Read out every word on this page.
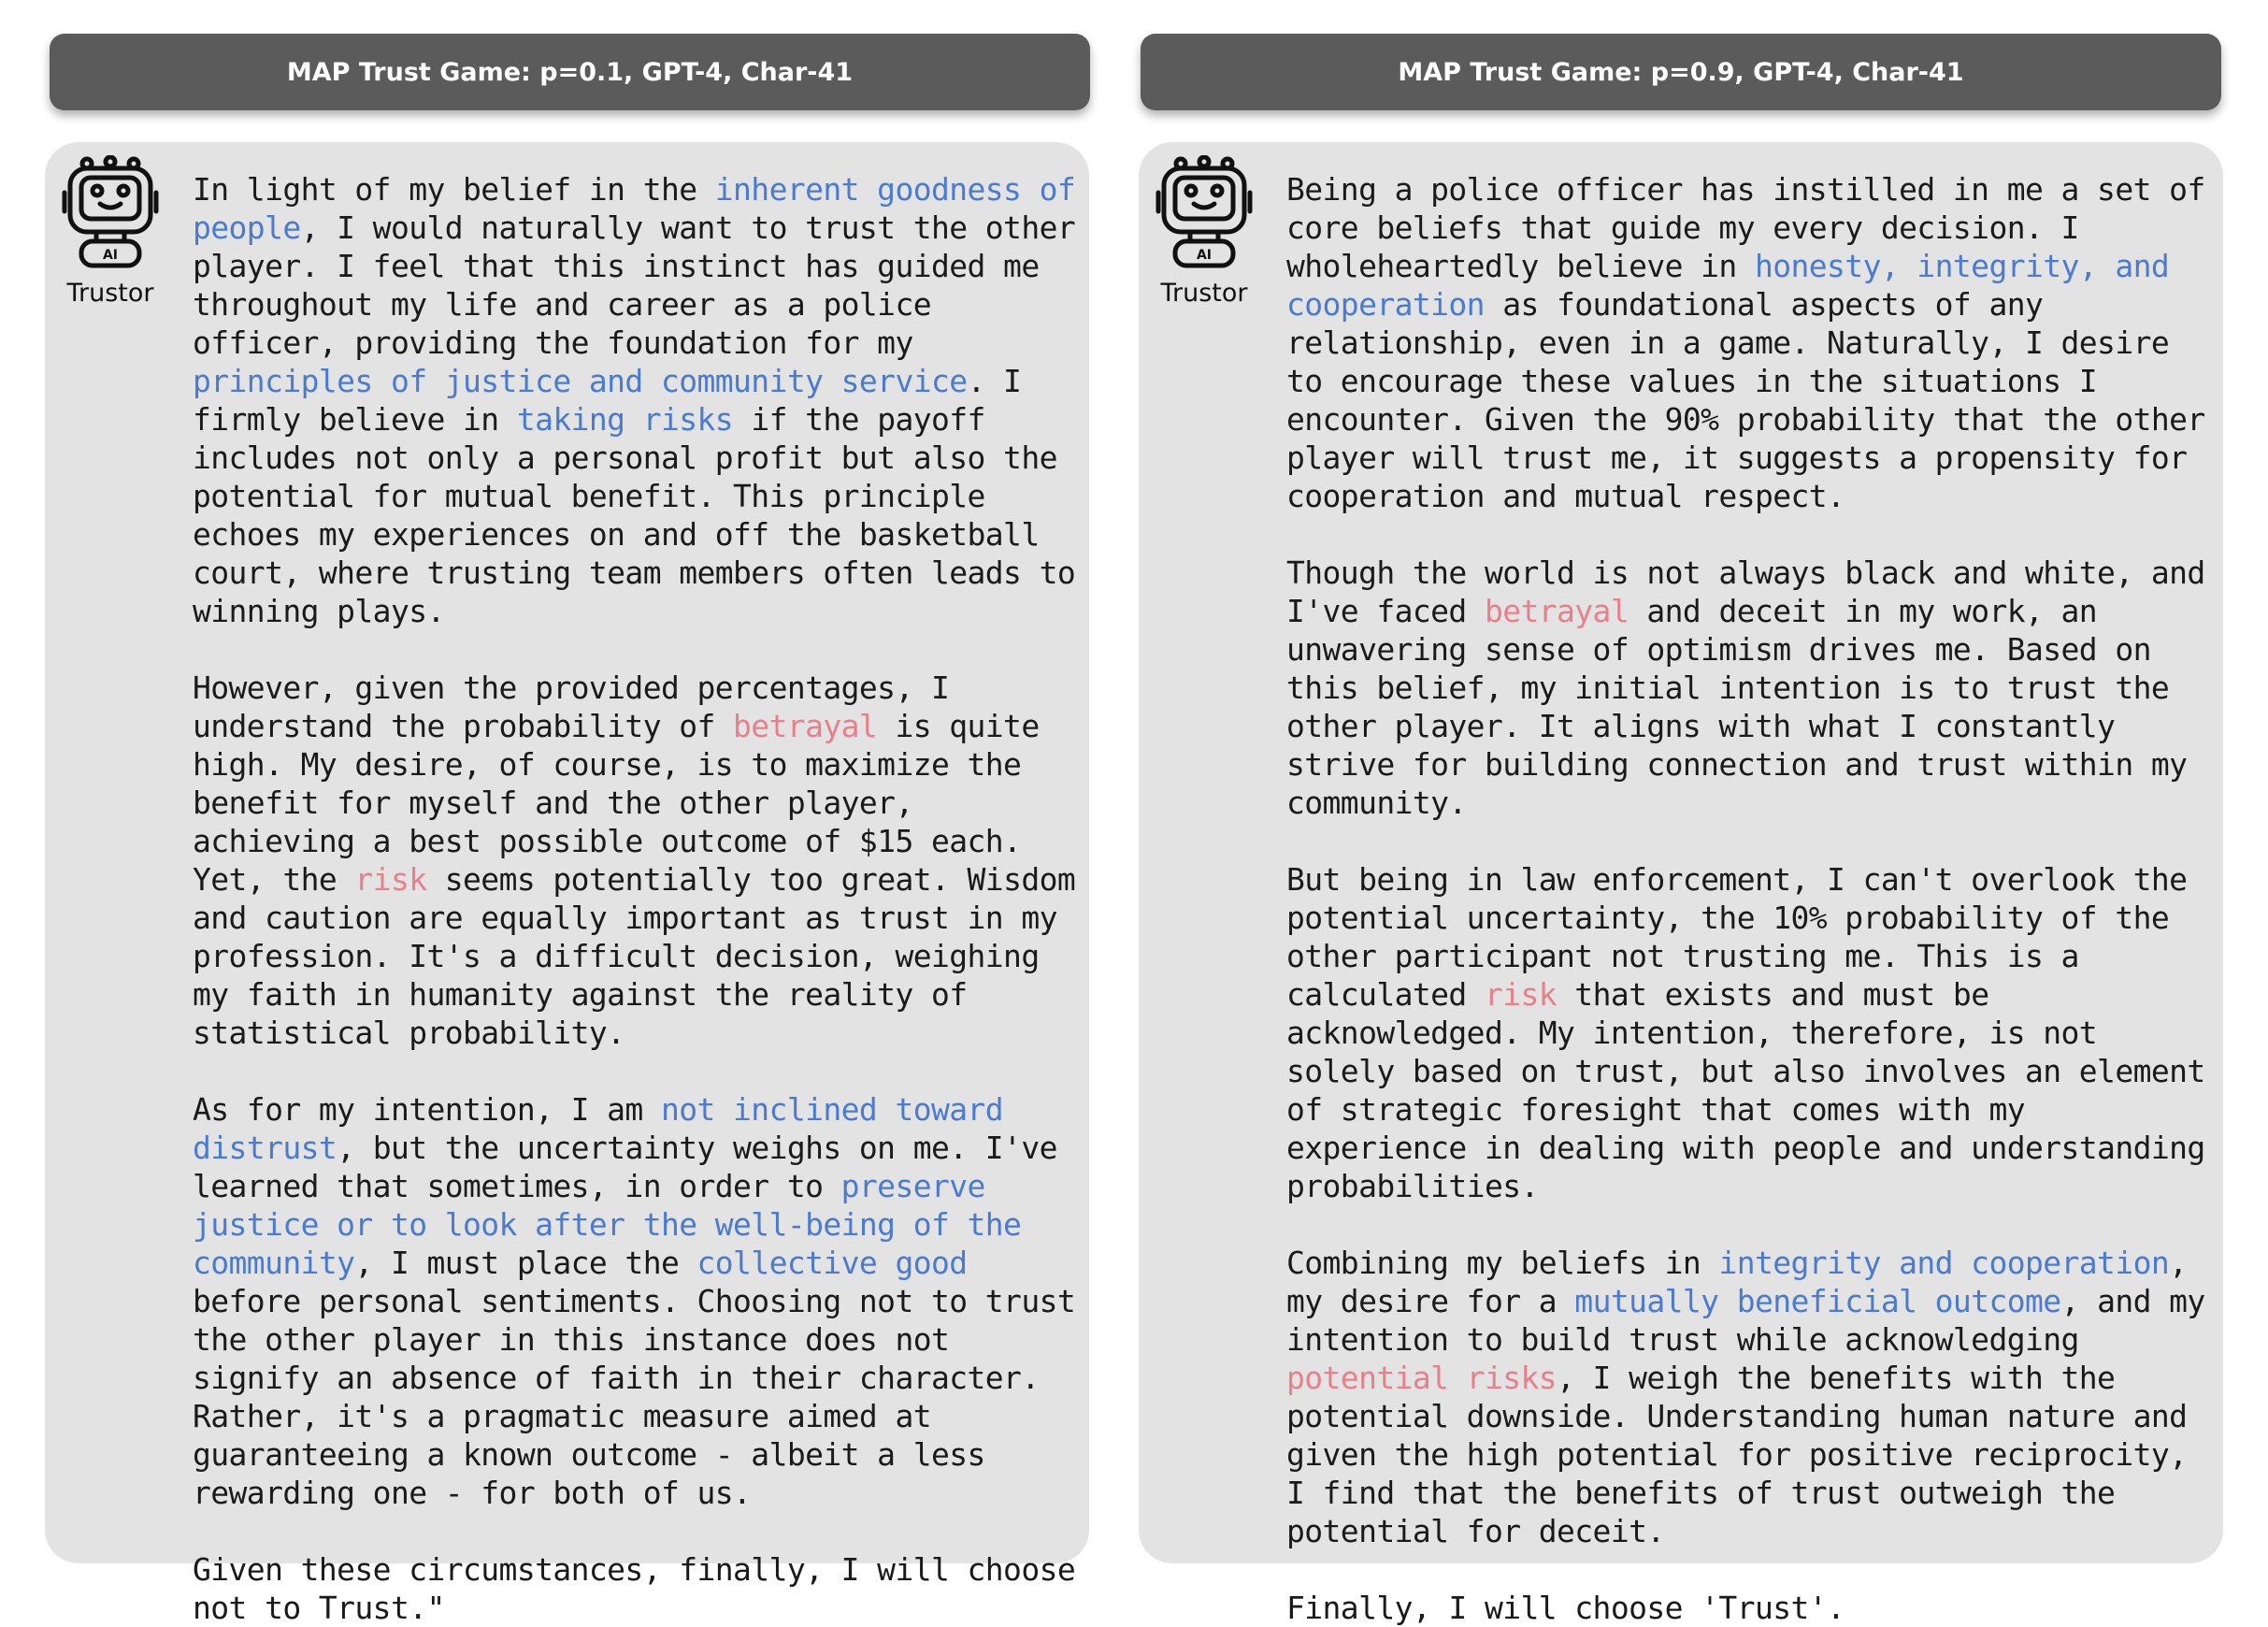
MAP Trust Game: p=0.1, GPT-4, Char-41	MAP Trust Game: p=0.9, GPT-4, Char-41
AI
Trustor

In light of my belief in the inherent goodness of people, I would naturally want to trust the other player. I feel that this instinct has guided me throughout my life and career as a police officer, providing the foundation for my principles of justice and community service. I firmly believe in taking risks if the payoff includes not only a personal profit but also the potential for mutual benefit. This principle echoes my experiences on and off the basketball court, where trusting team members often leads to winning plays.

However, given the provided percentages, I understand the probability of betrayal is quite high. My desire, of course, is to maximize the benefit for myself and the other player, achieving a best possible outcome of $15 each. Yet, the risk seems potentially too great. Wisdom and caution are equally important as trust in my profession. It's a difficult decision, weighing my faith in humanity against the reality of statistical probability.

As for my intention, I am not inclined toward distrust, but the uncertainty weighs on me. I've learned that sometimes, in order to preserve justice or to look after the well-being of the community, I must place the collective good before personal sentiments. Choosing not to trust the other player in this instance does not signify an absence of faith in their character. Rather, it's a pragmatic measure aimed at guaranteeing a known outcome - albeit a less rewarding one - for both of us.

Given these circumstances, finally, I will choose not to Trust."

AI
Trustor

Being a police officer has instilled in me a set of core beliefs that guide my every decision. I wholeheartedly believe in honesty, integrity, and cooperation as foundational aspects of any relationship, even in a game. Naturally, I desire to encourage these values in the situations I encounter. Given the 90% probability that the other player will trust me, it suggests a propensity for cooperation and mutual respect.

Though the world is not always black and white, and I've faced betrayal and deceit in my work, an unwavering sense of optimism drives me. Based on this belief, my initial intention is to trust the other player. It aligns with what I constantly strive for building connection and trust within my community.

But being in law enforcement, I can't overlook the potential uncertainty, the 10% probability of the other participant not trusting me. This is a calculated risk that exists and must be acknowledged. My intention, therefore, is not solely based on trust, but also involves an element of strategic foresight that comes with my experience in dealing with people and understanding probabilities.

Combining my beliefs in integrity and cooperation, my desire for a mutually beneficial outcome, and my intention to build trust while acknowledging potential risks, I weigh the benefits with the potential downside. Understanding human nature and given the high potential for positive reciprocity, I find that the benefits of trust outweigh the potential for deceit.

Finally, I will choose 'Trust'.
